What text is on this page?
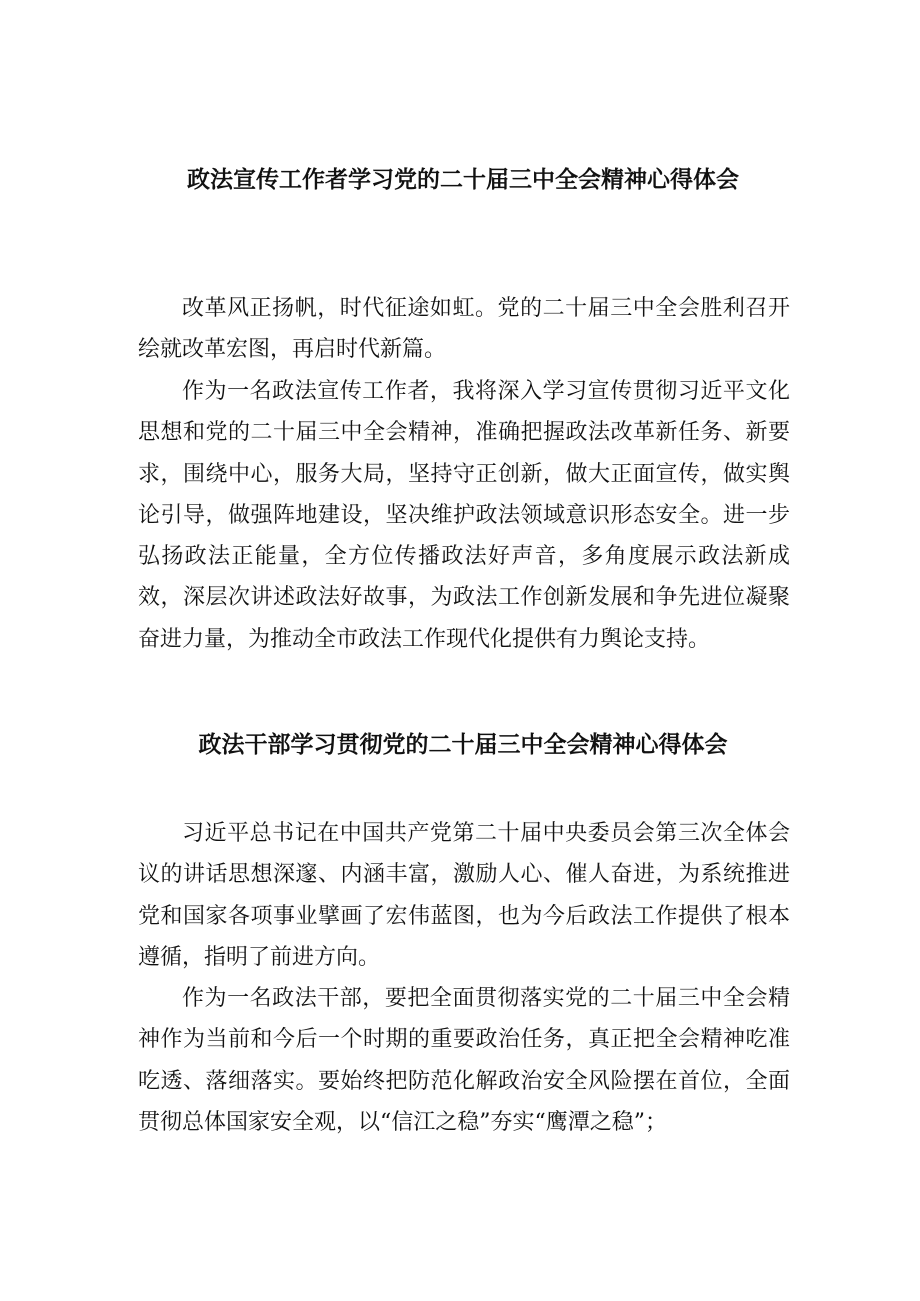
政法宣传工作者学习党的二十届三中全会精神心得体会

改革风正扬帆，时代征途如虹。党的二十届三中全会胜利召开绘就改革宏图，再启时代新篇。

作为一名政法宣传工作者，我将深入学习宣传贯彻习近平文化思想和党的二十届三中全会精神，准确把握政法改革新任务、新要求，围绕中心，服务大局，坚持守正创新，做大正面宣传，做实舆论引导，做强阵地建设，坚决维护政法领域意识形态安全。进一步弘扬政法正能量，全方位传播政法好声音，多角度展示政法新成效，深层次讲述政法好故事，为政法工作创新发展和争先进位凝聚奋进力量，为推动全市政法工作现代化提供有力舆论支持。

政法干部学习贯彻党的二十届三中全会精神心得体会

习近平总书记在中国共产党第二十届中央委员会第三次全体会议的讲话思想深邃、内涵丰富，激励人心、催人奋进，为系统推进党和国家各项事业擘画了宏伟蓝图，也为今后政法工作提供了根本遵循，指明了前进方向。

作为一名政法干部，要把全面贯彻落实党的二十届三中全会精神作为当前和今后一个时期的重要政治任务，真正把全会精神吃准吃透、落细落实。要始终把防范化解政治安全风险摆在首位，全面贯彻总体国家安全观，以“信江之稳”夯实“鹰潭之稳”；
